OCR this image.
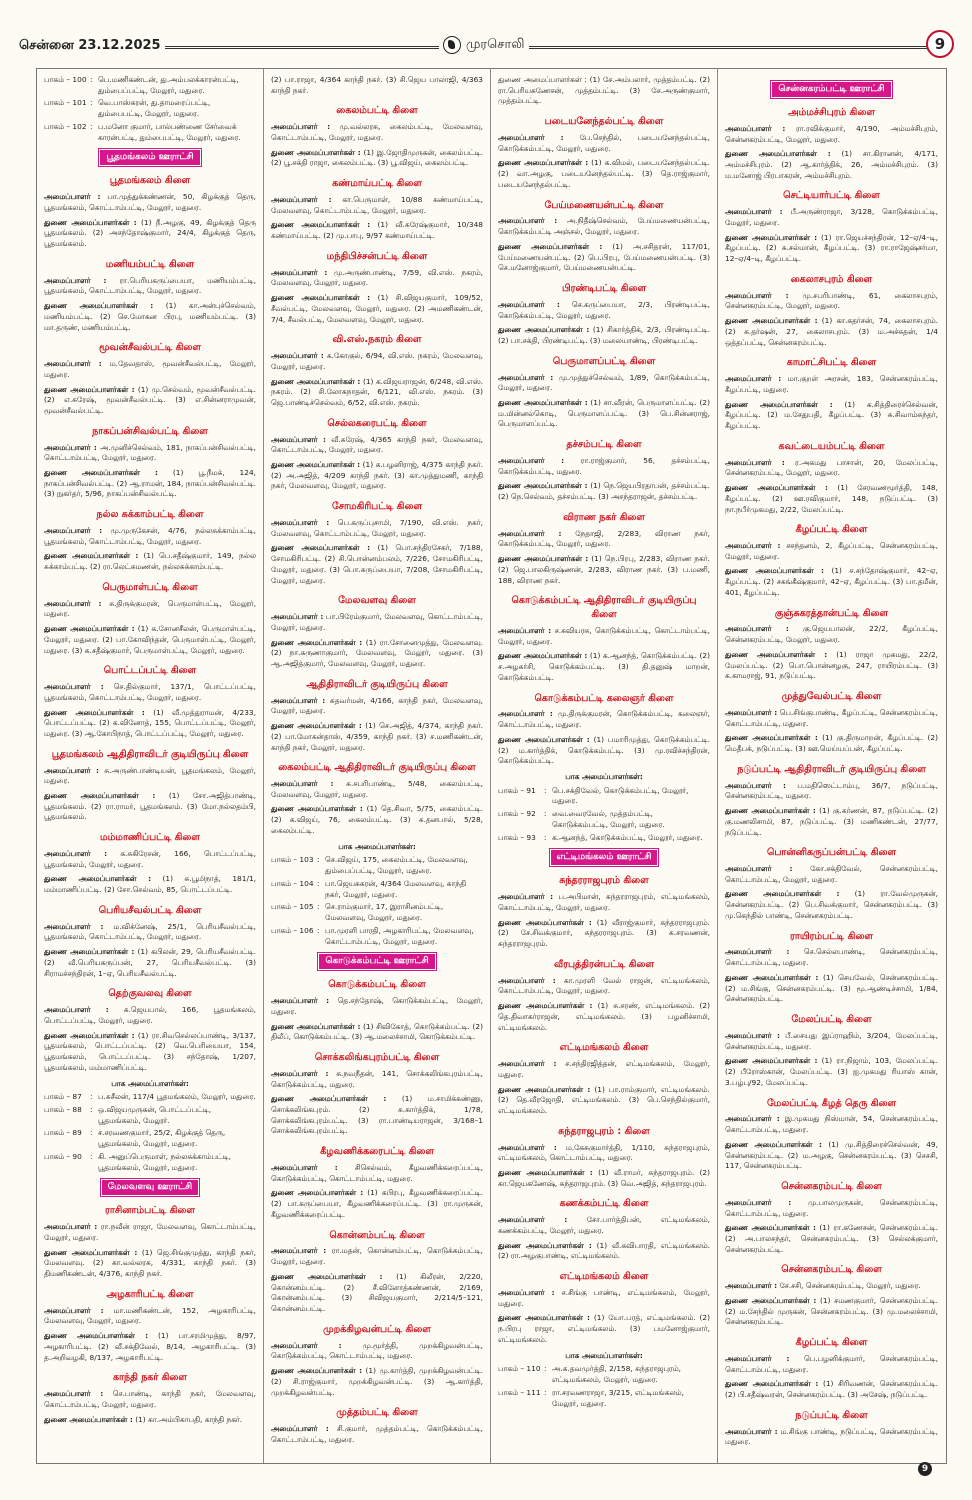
சென்னை 23.12.2025	முரசொலி	9
பாகம் – 100 : பெ.மணிகண்டன், து.அம்பலக்காரன்பட்டி, தும்பைப்பட்டி, மேலூர், மதுரை.
பாகம் – 101 : வெ.பாஸ்கரன், து.தாமரைப்பட்டி, தும்பைபட்டி, மேலூர், மதுரை.
பாகம் – 102 : ப.மனோ குமார், பால்பண்ணை சேர்வைக் காரன்பட்டி, தும்பைபட்டி, மேலூர், மதுரை.
பூதமங்கலம் ஊராட்சி
பூதமங்கலம் கிளை
அமைப்பாளர் : பா.முத்துக்கண்ணன், 50, கிழக்குத் தெரு, பூதமங்கலம், கொட்டாம்பட்டி, மேலூர், மதுரை.
துணை அமைப்பாளர்கள் : (1) நீ.அழகு, 49, கிழக்குத் தெரு பூதமங்கலம். (2) அசந்தோஷ்குமார், 24/4, கிழக்குத் தெரு, பூதமங்கலம்.
மணியம்பட்டி கிளை
அமைப்பாளர் : ரா.பெரியகருப்பையா, மணியம்பட்டி, பூதமங்கலம், கொட்டாம்பட்டி, மேலூர், மதுரை.
துணை அமைப்பாளர்கள் : (1) கா.அன்புச்செல்வம், மணியம்பட்டி. (2) செ.மோகன பிரபு, மணியம்பட்டி. (3) மா.தருண், மணியம்பட்டி.
மூவன்சீவல்பட்டி கிளை
அமைப்பாளர் : ம.தேவதாஸ், மூவன்சீவல்பட்டி, மேலூர், மதுரை.
துணை அமைப்பாளர்கள் : (1) மு.செல்வம், மூவன்சீவல்பட்டி. (2) எ.சுரேஷ், மூவன்சீவல்பட்டி. (3) எ.சின்னராமுவன், மூவன்சீவல்பட்டி.
நாகப்பன்சிவல்பட்டி கிளை
அமைப்பாளர் : அ.முனிச்செல்வம், 181, நாகப்பன்சிவல்பட்டி, கொட்டாம்பட்டி, மேலூர், மதுரை.
துணை அமைப்பாளர்கள் : (1) பூ.நீமக், 124, நாகப்பன்சிவல்பட்டி. (2) ஆ.ராமன், 184, நாகப்பன்சிவல்பட்டி. (3) நுகர்தர், 5/96, நாகப்பன்சிவல்பட்டி.
நல்ல சுக்காம்பட்டி கிளை
அமைப்பாளர் : மு.முருகேசன், 4/76, நல்லசுக்காம்பட்டி, பூதமங்கலம், கொட்டாம்பட்டி, மேலூர், மதுரை.
துணை அமைப்பாளர்கள் : (1) பெ.சதீஷ்குமார், 149, நல்ல சுக்காம்பட்டி. (2) ரா.லெட்சுமணன், நல்லசுக்காம்பட்டி.
பெருமாள்பட்டி கிளை
அமைப்பாளர் : சு.திருக்குமரன், பெருமாள்பட்டி, மேலூர், மதுரை.
துணை அமைப்பாளர்கள் : (1) க.சோனசீலன், பெருமாள்பட்டி, மேலூர், மதுரை. (2) பா.கோவிந்தன், பெருமாள்பட்டி, மேலூர், மதுரை. (3) சு.சதீஷ்குமார், பெருமாள்பட்டி, மேலூர், மதுரை.
பொட்டப்பட்டி கிளை
அமைப்பாளர் : செ.தில்குமார், 137/1, பொட்டப்பட்டி, பூதமங்கலம், கொட்டாம்பட்டி, மேலூர், மதுரை.
துணை அமைப்பாளர்கள் : (1) வீ.முத்துராமன், 4/233, பொட்டப்பட்டி. (2) க.வினோத், 155, பொட்டப்பட்டி, மேலூர், மதுரை. (3) ஆ.கோபிநாத், பொட்டப்பட்டி, மேலூர், மதுரை.
பூதமங்கலம் ஆதிதிராவிடர் குடியிருப்பு கிளை
அமைப்பாளர் : சு.அருண்பாண்டியன், பூதமங்கலம், மேலூர், மதுரை.
துணை அமைப்பாளர்கள் : (1) சோ.அஜித்பாண்டி, பூதமங்கலம். (2) ரா.ராமர், பூதமங்கலம். (3) மோ.நல்லதம்பி, பூதமங்கலம்.
மம்மாணிப்பட்டி கிளை
அமைப்பாளர் : க.சுகிரேசன், 166, பொட்டப்பட்டி, பூதமங்கலம், மேலூர், மதுரை.
துணை அமைப்பாளர்கள் : (1) சு.பூமிநாத், 181/1, மம்மாணிப்பட்டி. (2) சோ.செல்வம், 85, பொட்டப்பட்டி.
பெரியசீவல்பட்டி கிளை
அமைப்பாளர் : ம.விக்னேஷ், 25/1, பெரியசீவல்பட்டி, பூதமங்கலம், கொட்டாம்பட்டி, மேலூர், மதுரை.
துணை அமைப்பாளர்கள் : (1) கபிலன், 29, பெரியசீவல்பட்டி. (2) வீ.பெரியகருப்பன், 27, பெரியசீவல்பட்டி. (3) சிராமச்சந்திரன், 1–ஏ, பெரியசீவல்பட்டி.
தெற்குவலவு கிளை
அமைப்பாளர் : சு.ஜெயபால், 166, பூதமங்கலம், பொட்டப்பட்டி, மேலூர், மதுரை.
துணை அமைப்பாளர்கள் : (1) ரா.சிவசெல்லப்பாண்டி, 3/137, பூதமங்கலம், பொட்டப்பட்டி. (2) வெ.பெரியையா, 154, பூதமங்கலம், பொட்டப்பட்டி. (3) சந்தோஷ், 1/207, பூதமங்கலம், மம்மாணிப்பட்டி.
பாக அமைப்பாளர்கள்:
பாகம் – 87	: ப.சுசீலன், 117/4 பூதமங்கலம், மேலூர், மதுரை.
பாகம் – 88	: ஒ.விஜயமுருகன், பொட்டப்பட்டி, பூதமங்கலம், மேலூர்.
பாகம் – 89	: ச.சரவணகுமார், 25/2, கிழக்குத் தெரு, பூதமங்கலம், மேலூர், மதுரை.
பாகம் – 90	: கி. அனுப்பெருமாள், நல்லசுக்காம்பட்டி, பூதமங்கலம், மேலூர், மதுரை.
மேலவளவு ஊராட்சி
ராசினாம்பட்டி கிளை
அமைப்பாளர் : ரா.நவீன் ராஜா, மேலவளவு, கொட்டாம்பட்டி, மேலூர், மதுரை.
துணை அமைப்பாளர்கள் : (1) ஜெ.சிங்குமுத்து, காந்தி நகர், மேலவளவு. (2) கா.வல்லரசு, 4/331, காந்தி நகர். (3) திமணிகண்டன், 4/376, காந்தி நகர்.
அழகாரிபட்டி கிளை
அமைப்பாளர் : மா.மணிகண்டன், 152, அழகாரிபட்டி, மேலவளவு, மேலூர், மதுரை.
துணை அமைப்பாளர்கள் : (1) பா.சரமிமுத்து, 8/97, அழகாரிபட்டி. (2) வீ.சக்திவேல், 8/14, அழகாரிபட்டி. (3) த.அறிவழகி, 8/137, அழகாரிபட்டி.
காந்தி நகர் கிளை
அமைப்பாளர் : செ.பாண்டி, காந்தி நகர், மேலவளவு, கொட்டாம்பட்டி, மேலூர், மதுரை.
துணை அமைப்பாளர்கள் : (1) கா.அம்பிகாபதி, காந்தி நகர்.
(2) பா.ராஜா, 4/364 காந்தி நகர். (3) சி.ஜெய பாலாஜி, 4/363 காந்தி நகர்.
கைலம்பட்டி கிளை
அமைப்பாளர் : மு.வல்லரசு, கைலம்பட்டி, மேலவளவு, கொட்டாம்பட்டி, மேலூர், மதுரை.
துணை அமைப்பாளர்கள் : (1) இ.ஜோதிமுருகன், கைலம்பட்டி. (2) பூ.சக்தி ராஜா, கைலம்பட்டி. (3) பூ.விஜய், கைலம்பட்டி.
கண்மாய்பட்டி கிளை
அமைப்பாளர் : கா.பெருமாள், 10/88 கண்மாய்பட்டி, மேலவளவு, கொட்டாம்பட்டி, மேலூர், மதுரை.
துணை அமைப்பாளர்கள் : (1) வீ.சுரேஷ்குமார், 10/348 கண்மாய்பட்டி. (2) மு.பாபு, 9/97 கண்மாய்பட்டி.
மந்திபிச்சன்பட்டி கிளை
அமைப்பாளர் : மு.அருண்பாண்டி, 7/59, வி.எஸ். நகரம், மேலவளவு, மேலூர், மதுரை.
துணை அமைப்பாளர்கள் : (1) சி.விஜயகுமார், 109/52, சீவல்பட்டி, மேலவளவு, மேலூர், மதுரை. (2) அமணிகண்டன், 7/4, சீவல்பட்டி, மேலவளவு, மேலூர், மதுரை.
வி.எஸ்.நகரம் கிளை
அமைப்பாளர் : க.கோகுல், 6/94, வி.எஸ். நகரம், மேலவளவு, மேலூர், மதுரை.
துணை அமைப்பாளர்கள் : (1) க.விஜயராஜன், 6/248, வி.எஸ். நகரம். (2) சி.லோகநாதன், 6/121, வி.எஸ். நகரம். (3) ஜெ.பாண்டிச்செல்வம், 6/52, வி.எஸ். நகரம்.
செல்லகரைபட்டி கிளை
அமைப்பாளர் : வீ.சுரேஷ், 4/365 காந்தி நகர், மேலவளவு, கொட்டாம்பட்டி, மேலூர், மதுரை.
துணை அமைப்பாளர்கள் : (1) க.பழனிராஜ், 4/375 காந்தி நகர். (2) அ.அஜித், 4/209 காந்தி நகர். (3) கா.முத்துமணி, காந்தி நகர், மேலவளவு, மேலூர், மதுரை.
சோமகிரிபட்டி கிளை
அமைப்பாளர் : பெ.கருப்புசாமி, 7/190, வி.எஸ். நகர், மேலவளவு, கொட்டாம்பட்டி, மேலூர், மதுரை.
துணை அமைப்பாளர்கள் : (1) பொ.சந்திரசேகர், 7/188, சோமகிரிபட்டி. (2) சி.பொன்னம்பலம், 7/226, சோமகிரிபட்டி, மேலூர், மதுரை. (3) பொ.கருப்பையா, 7/208, சோமகிரிபட்டி, மேலூர், மதுரை.
மேலவளவு கிளை
அமைப்பாளர் : பா.பிரேம்குமார், மேலவளவு, கொட்டாம்பட்டி, மேலூர், மதுரை.
துணை அமைப்பாளர்கள் : (1) ரா.சோனைமுத்து, மேலவளவு. (2) நா.கருணாகுமார், மேலவளவு, மேலூர், மதுரை. (3) ஆ.அஜித்குமார், மேலவளவு, மேலூர், மதுரை.
ஆதிதிராவிடர் குடியிருப்பு கிளை
அமைப்பாளர் : சுதவர்மன், 4/166, காந்தி நகர், மேலவளவு, மேலூர், மதுரை.
துணை அமைப்பாளர்கள் : (1) செ.அஜித், 4/374, காந்தி நகர். (2) பா.மோகன்தாஸ், 4/359, காந்தி நகர். (3) ச.மணிகண்டன், காந்தி நகர், மேலூர், மதுரை.
கைலம்பட்டி ஆதிதிராவிடர் குடியிருப்பு கிளை
அமைப்பாளர் : சு.சபரிபாண்டி, 5/48, கைலம்பட்டி, மேலவளவு, மேலூர், மதுரை.
துணை அமைப்பாளர்கள் : (1) தெ.சிவா, 5/75, கைலம்பட்டி. (2) க.விஜய், 76, கைலம்பட்டி. (3) சு.தனபால், 5/28, கைலம்பட்டி.
பாக அமைப்பாளர்கள்:
பாகம் – 103 : செ.விஜய், 175, கைலம்பட்டி, மேலவளவு, தும்பைப்பட்டி, மேலூர், மதுரை.
பாகம் – 104 : பா.ஜெயசுகரன், 4/364 மேலவளவு, காந்தி நகர், மேலூர், மதுரை.
பாகம் – 105 : செ.ராம்குமார், 17, இராசினம்பட்டி, மேலவளவு, மேலூர், மதுரை.
பாகம் – 106 : பா.முரளி பாரதி, அழகாரிபட்டி, மேலவளவு, கொட்டாம்பட்டி, மேலூர், மதுரை.
கொடுக்கம்பட்டி ஊராட்சி
கொடுக்கம்பட்டி கிளை
அமைப்பாளர் : தெ.சந்தோஷ், கொடுக்கம்பட்டி, மேலூர், மதுரை.
துணை அமைப்பாளர்கள் : (1) சிவிகோத், கொடுக்கம்பட்டி. (2) திலீப், கொடுக்கம்பட்டி. (3) ஆ.மலைச்சாமி, கொடுக்கம்பட்டி.
சொக்கலிங்கபுரம்பட்டி கிளை
அமைப்பாளர் : சு.நவநீதன், 141, சொக்கலிங்கபுரம்பட்டி, கொடுக்கம்பட்டி, மதுரை.
துணை அமைப்பாளர்கள் : (1) ம.சாமிக்கண்ணு, சொக்கலிங்கபுரம். (2) சு.கார்த்திக், 1/78, சொக்கலிங்கபுரம்பட்டி. (3) ரா.பாண்டியராஜன், 3/168–1 சொக்கலிங்கபுரம்பட்டி.
கீழவணிக்கரைபட்டி கிளை
அமைப்பாளர் : சிசெல்வம், கீழவணிக்கரைப்பட்டி, கொடுக்கம்பட்டி, கொட்டாம்பட்டி, மதுரை.
துணை அமைப்பாளர்கள் : (1) கபிரபு, கீழவணிக்கரைப்பட்டி. (2) பா.கருப்பையா, கீழவணிக்கரைப்பட்டி. (3) ரா.முருகன், கீழவணிக்கரைப்பட்டி.
கொன்னம்பட்டி கிளை
அமைப்பாளர் : ரா.மதன், கொன்னம்பட்டி, கொடுக்கம்பட்டி, மேலூர், மதுரை.
துணை அமைப்பாளர்கள் : (1) கிலீரன், 2/220, கொன்னம்பட்டி. (2) சீ.விளோத்கண்ணன், 2/169, கொன்னம்பட்டி. (3) சிவிஜயகுமார், 2/214/5–121, கொன்னம்பட்டி.
முறக்கிழவன்பட்டி கிளை
அமைப்பாளர் :	மு.மூர்த்தி, முறக்கிழவன்பட்டி, கொடுக்கம்பட்டி, கொட்டாம்பட்டி, மதுரை.
துணை அமைப்பாளர்கள் : (1) மு.கார்த்தி, முறக்கிழவன்பட்டி. (2) சி.ராஜ்குமார், முறக்கிழவன்பட்டி. (3) ஆ.கார்த்தி, முறக்கிழவன்பட்டி.
முத்தம்பட்டி கிளை
அமைப்பாளர் : சி.குமார், முத்தம்பட்டி, கொடுக்கம்பட்டி, கொட்டாம்பட்டி, மதுரை.
துணை அமைப்பாளர்கள் : (1) சே.அம்பலார், முத்தம்பட்டி. (2) ரா.பெரியகணேசன், முத்தம்பட்டி. (3) சே.அருண்குமார், முத்தம்பட்டி.
படையனேந்தல்பட்டி கிளை
அமைப்பாளர் : பே.செந்தில், படையனேந்தல்பட்டி, கொடுக்கம்பட்டி, மேலூர், மதுரை.
துணை அமைப்பாளர்கள் : (1) க.விமல், படையனேந்தல்பட்டி. (2) வா.அழகு, படையனேந்தல்பட்டி. (3) தெ.ராஜ்குமார், படையனேந்தல்பட்டி.
பேய்மணையன்பட்டி கிளை
அமைப்பாளர் : அ.நிதீஷ்செல்வம், பேய்மணையன்பட்டி, கொடுக்கம்பட்டி அஞ்சல், மேலூர், மதுரை.
துணை அமைப்பாளர்கள் : (1) அ.சசிதரன், 117/01, பேய்மணையன்பட்டி. (2) பெ.பிரபு, பேய்மணையன்பட்டி. (3) செ.மனோஜ்குமார், பேய்மணையன்பட்டி.
பிரண்டிபட்டி கிளை
அமைப்பாளர் : செ.கருப்பையா, 2/3, பிரண்டிபட்டி, கொடுக்கம்பட்டி, மேலூர், மதுரை.
துணை அமைப்பாளர்கள் : (1) சிகார்த்திக், 2/3, பிரண்டிபட்டி. (2) பா.சக்தி, பிரண்டிபட்டி. (3) மலையாண்டி, பிரண்டிபட்டி.
பெருமாளப்பட்டி கிளை
அமைப்பாளர் : மு.முத்துச்செல்வம், 1/89, கொடுக்கம்பட்டி, மேலூர், மதுரை.
துணை அமைப்பாளர்கள் : (1) சா.வீரன், பெருமாளப்பட்டி. (2) ம.மின்னல்கொடி, பெருமாளப்பட்டி. (3) பெ.சின்னராஜ், பெருமாளப்பட்டி.
தச்சம்பட்டி கிளை
அமைப்பாளர் : ரா.ராஜ்குமார், 56, தச்சம்பட்டி, கொடுக்கம்பட்டி, மதுரை.
துணை அமைப்பாளர்கள் : (1) நெ.ஜெயபிரதாபன், தச்சம்பட்டி. (2) நெ.செல்வம், தச்சம்பட்டி. (3) அசந்தராஜன், தச்சம்பட்டி.
விராண நகர் கிளை
அமைப்பாளர் : நேதாஜி, 2/283, விராண நகர், கொடுக்கம்பட்டி, மேலூர், மதுரை.
துணை அமைப்பாளர்கள் : (1) நெ.பிரபு, 2/283, விராண நகர். (2) ஜெ.பாலகிருஷ்ணன், 2/283, விராண நகர். (3) ப.மணி, 188, விராண நகர்.
கொடுக்கம்பட்டி ஆதிதிராவிடர் குடியிருப்பு கிளை
அமைப்பாளர் : ச.கவியரசு, கொடுக்கம்பட்டி, கொட்டாம்பட்டி, மேலூர், மதுரை.
துணை அமைப்பாளர்கள் : (1) க.ஆனந்த், கொடுக்கம்பட்டி. (2) ச.அழகர்சி, கொடுக்கம்பட்டி. (3) தி.தனுஷ் மாறன், கொடுக்கம்பட்டி.
கொடுக்கம்பட்டி கலைஞர் கிளை
அமைப்பாளர் : மு.திருக்குமரன், கொடுக்கம்பட்டி, கலைஞர், கொட்டாம்பட்டி, மதுரை.
துணை அமைப்பாளர்கள் : (1) பமாரிமுத்து, கொடுக்கம்பட்டி. (2) ம.கார்த்திக், கொடுக்கம்பட்டி. (3) மு.ரவிச்சந்திரன், கொடுக்கம்பட்டி.
பாக அமைப்பாளர்கள்:
பாகம் – 91	: பெ.சக்திவேல், கொடுக்கம்பட்டி, மேலூர், மதுரை.
பாகம் – 92	: வை.வைரவேல், முத்தம்பட்டி, கொடுக்கம்பட்டி, மேலூர், மதுரை.
பாகம் – 93	: க.ஆனந்த், கொடுக்கம்பட்டி, மேலூர், மதுரை.
எட்டிமங்கலம் ஊராட்சி
சுந்தரராஜபுரம் கிளை
அமைப்பாளர் : ப.அபிமான், சுந்தரராஜபுரம், எட்டிமங்கலம், கொட்டாம்பட்டி, மேலூர், மதுரை.
துணை அமைப்பாளர்கள் : (1) வீராஜ்குமார், சுந்தரராஜபுரம். (2) சே.சிவக்குமார், சுந்தரராஜபுரம். (3) சு.சரவணன், சுந்தரராஜபுரம்.
வீரபுத்திரன்பட்டி கிளை
அமைப்பாளர் : கா.முரளி வேல் ராஜன், எட்டிமங்கலம், கொட்டாம்பட்டி, மேலூர், மதுரை.
துணை அமைப்பாளர்கள் : (1) சு.சரண், எட்டிமங்கலம். (2) தெ.திவாகர்ராஜன், எட்டிமங்கலம். (3) பழனிச்சாமி, எட்டிமங்கலம்.
எட்டிமங்கலம் கிளை
அமைப்பாளர் : ச.சந்திரஜித்தன், எட்டிமங்கலம், மேலூர், மதுரை.
துணை அமைப்பாளர்கள் : (1) பா.ராம்குமார், எட்டிமங்கலம். (2) தெ.வீரஜோதி, எட்டிமங்கலம். (3) பெ.செந்தில்குமார், எட்டிமங்கலம்.
சுந்தராஜபுரம் : கிளை
அமைப்பாளர் : ம.கேசுகுமார்த்தி, 1/110, சுந்தராஜபுரம், எட்டிமங்கலம், கொட்டாம்பட்டி, மதுரை.
துணை அமைப்பாளர்கள் : (1) வீ.ராமர், சுந்தராஜபுரம். (2) கா.ஜெயகணேஷ், சுந்தராஜபுரம். (3) வெ.அஜித், சுந்தராஜபுரம்.
கணக்கம்பட்டி கிளை
அமைப்பாளர் :	சோ.பார்த்திபன், எட்டிமங்கலம், கணக்கம்பட்டி, மேலூர், மதுரை.
துணை அமைப்பாளர்கள் : (1) வீ.கவிபாரதி, எட்டிமங்கலம். (2) ரா.அழகுபாண்டி, எட்டிமங்கலம்.
எட்டிமங்கலம் கிளை
அமைப்பாளர் : ச.சிங்கு பாண்டி, எட்டிமங்கலம், மேலூர், மதுரை.
துணை அமைப்பாளர்கள் : (1) யோ.பரத், எட்டிமங்கலம். (2) ந.பிரபு ராஜா, எட்டிமங்கலம். (3) பமனோஜ்குமார், எட்டிமங்கலம்.
பாக அமைப்பாளர்கள்:
பாகம் – 110 : அ.க.தவமுர்த்தி, 2/158, சுந்தராஜபுரம், எட்டிமங்கலம், மேலூர், மதுரை.
பாகம் – 111 : ரா.சரவணராஜா, 3/215, எட்டிமங்கலம், மேலூர், மதுரை.
சென்னகரம்பட்டி ஊராட்சி
அம்மச்சிபுரம் கிளை
அமைப்பாளர் : ரா.ரவிக்குமார், 4/190, அம்மச்சிபுரம், சென்னகரம்பட்டி, மேலூர், மதுரை.
துணை அமைப்பாளர்கள் : (1) சா.கிரானன், 4/171, அம்மச்சிபுரம். (2) ஆ.கார்த்திக், 26, அம்மச்சிபுரம். (3) ம.மனோஜ் பிரபாகரன், அம்மச்சிபுரம்.
செட்டியார்பட்டி கிளை
அமைப்பாளர் : பீ.அருண்ராஜா, 3/128, கொடுக்கம்பட்டி, மேலூர், மதுரை.
துணை அமைப்பாளர்கள் : (1) ரா.ஜெயச்சந்திரன், 12–ஏ/4–டி, கீழப்பட்டி. (2) சு.சல்மான், கீழப்பட்டி. (3) ரா.ராஜேஷ்சர்மா, 12–ஏ/4–டி, கீழப்பட்டி.
கைலாசபுரம் கிளை
அமைப்பாளர் : மு.சபரிபாண்டி, 61, கைலாசபுரம், சென்னகரம்பட்டி, மேலூர், மதுரை.
துணை அமைப்பாளர்கள் : (1) கா.கதர்சன், 74, கைலாசபுரம். (2) சு.தர்ஷன், 27, கைலாசபுரம். (3) ம.அச்சுதன், 1/4 ஒத்தப்பட்டி, சென்னகரம்பட்டி.
காமாட்சிபட்டி கிளை
அமைப்பாளர் : மா.குறள் அரசன், 183, சென்னகரம்பட்டி, கீழப்பட்டி, மதுரை.
துணை அமைப்பாளர்கள் : (1) க.சித்திரைச்செல்வன், கீழப்பட்டி. (2) ம.சேதுபதி, கீழப்பட்டி. (3) சு.சிவாம்சுந்தர், கீழப்பட்டி.
கவட்டையம்பட்டி கிளை
அமைப்பாளர் : ர.அகமது பாசான், 20, மேலப்பட்டி, சென்னகரம்பட்டி, மேலூர், மதுரை.
துணை அமைப்பாளர்கள் : (1) சேரவணமூர்த்தி, 148, கீழப்பட்டி. (2) ஊ.ரவிகுமார், 148, நடுப்பட்டி. (3) நா.நபீர்முகமது, 2/22, மேலப்பட்டி.
கீழப்பட்டி கிளை
அமைப்பாளர் : சசந்தனம், 2, கீழப்பட்டி, சென்னகரம்பட்டி, மேலூர், மதுரை.
துணை அமைப்பாளர்கள் : (1) ச.சந்தோஷ்குமார், 42–ஏ, கீழப்பட்டி. (2) சகங்கீஷ்குமார், 42–ஏ, கீழப்பட்டி. (3) பா.தமீன், 401, கீழப்பட்டி.
குஞ்சுகரத்தான்பட்டி கிளை
அமைப்பாளர் : கு.ஜெயபாலன், 22/2, கீழப்பட்டி, சென்னகரம்பட்டி, மேலூர், மதுரை.
துணை அமைப்பாளர்கள் : (1) ராஜா முகமது, 22/2, மேலப்பட்டி. (2) பொ.பொன்னழகு, 247, ராயிரம்பட்டி. (3) க.காமராஜ், 91, நடுப்பட்டி.
முத்துவேல்பட்டி கிளை
அமைப்பாளர் : பெ.சிங்குபாண்டி, கீழப்பட்டி, சென்னகரம்பட்டி, கொட்டாம்பட்டி, மதுரை.
துணை அமைப்பாளர்கள் : (1) கு.திருமாறன், கீழப்பட்டி. (2) மெதீபக், நடுப்பட்டி. (3) ஊ.மெய்யப்பன், கீழப்பட்டி.
நடுப்பட்டி ஆதிதிராவிடர் குடியிருப்பு கிளை
அமைப்பாளர் : ப.மதிஸெட்டாம்பு, 36/7, நடுப்பட்டி, சென்னகரம்பட்டி, மதுரை.
துணை அமைப்பாளர்கள் : (1) கு.கர்ணன், 87, நடுப்பட்டி. (2) கு.மணலிசாமி, 87, நடுப்பட்டி. (3) மணிகண்டன், 27/77, நடுப்பட்டி.
பொன்னிகருப்பன்பட்டி கிளை
அமைப்பாளர் : கோ.சக்திவேல், சென்னகரம்பட்டி, கொட்டாம்பட்டி, மேலூர், மதுரை.
துணை அமைப்பாளர்கள் : (1) ரா.வேல்முருகன், சென்னகரம்பட்டி. (2) பெ.சிவக்குமார், சென்னகரம்பட்டி. (3) மு.கெந்தில் பாண்டி, சென்னகரம்பட்டி.
ராயிரம்பட்டி கிளை
அமைப்பாளர் : செ.செல்லபாண்டி, சென்னகரம்பட்டி, கொட்டாம்பட்டி, மதுரை.
துணை அமைப்பாளர்கள் : (1) செயவேல், சென்னகரம்பட்டி. (2) ம.சிங்கு, சென்னகரம்பட்டி. (3) மூ.ஆண்டிச்சாமி, 1/84, சென்னகரம்பட்டி.
மேலப்பட்டி கிளை
அமைப்பாளர் : பீ.சையது இப்ராஹிம், 3/204, மேலப்பட்டி, சென்னகரம்பட்டி, மதுரை.
துணை அமைப்பாளர்கள் : (1) ரா.நிஜாம், 103, மேலப்பட்டி. (2) பீரோஸ்கான், மேலப்பட்டி. (3) ஐ.முகமது ரியாஸ் கான், 3.பழ்பு/92, மேலப்பட்டி.
மேலப்பட்டி கீழத் தெரு கிளை
அமைப்பாளர் : இ.முகமது நிஸ்மான், 54, சென்னகரம்பட்டி, கொட்டாம்பட்டி, மதுரை.
துணை அமைப்பாளர்கள் : (1) மு.சித்திரைச்செல்வன், 49, சென்னகரம்பட்டி. (2) ம.அழகு, சென்னகரம்பட்டி. (3) செசசி, 117, சென்னகரம்பட்டி.
சென்னகரம்பட்டி கிளை
அமைப்பாளர் : மு.பாலமுருகன், சென்னகரம்பட்டி, கொட்டாம்பட்டி, மதுரை.
துணை அமைப்பாளர்கள் : (1) ரா.கணேசன், சென்னகரம்பட்டி. (2) அ.பாலசந்தர், சென்னகரம்பட்டி. (3) செல்லக்குமார், சென்னகரம்பட்டி.
சென்னகரம்பட்டி கிளை
அமைப்பாளர் : சே.சசி, சென்னகரம்பட்டி, மேலூர், மதுரை.
துணை அமைப்பாளர்கள் : (1) சமணகுமார், சென்னகரம்பட்டி. (2) ம.சேந்தில் முருகன், சென்னகரம்பட்டி. (3) மு.மலைச்சாமி, சென்னகரம்பட்டி.
கீழப்பட்டி கிளை
அமைப்பாளர் : பெ.பழனிக்குமார், சென்னகரம்பட்டி, கொட்டாம்பட்டி, மதுரை.
துணை அமைப்பாளர்கள் : (1) சிரிவணன், சென்னகரம்பட்டி. (2) பி.சதீஷ்வரன், சென்னகரம்பட்டி. (3) அசேஷ், நடுப்பட்டி.
நடுப்பட்டி கிளை
அமைப்பாளர் : ம.சிங்கு பாண்டி, நடுப்பட்டி, சென்னகரம்பட்டி, மதுரை.
9
